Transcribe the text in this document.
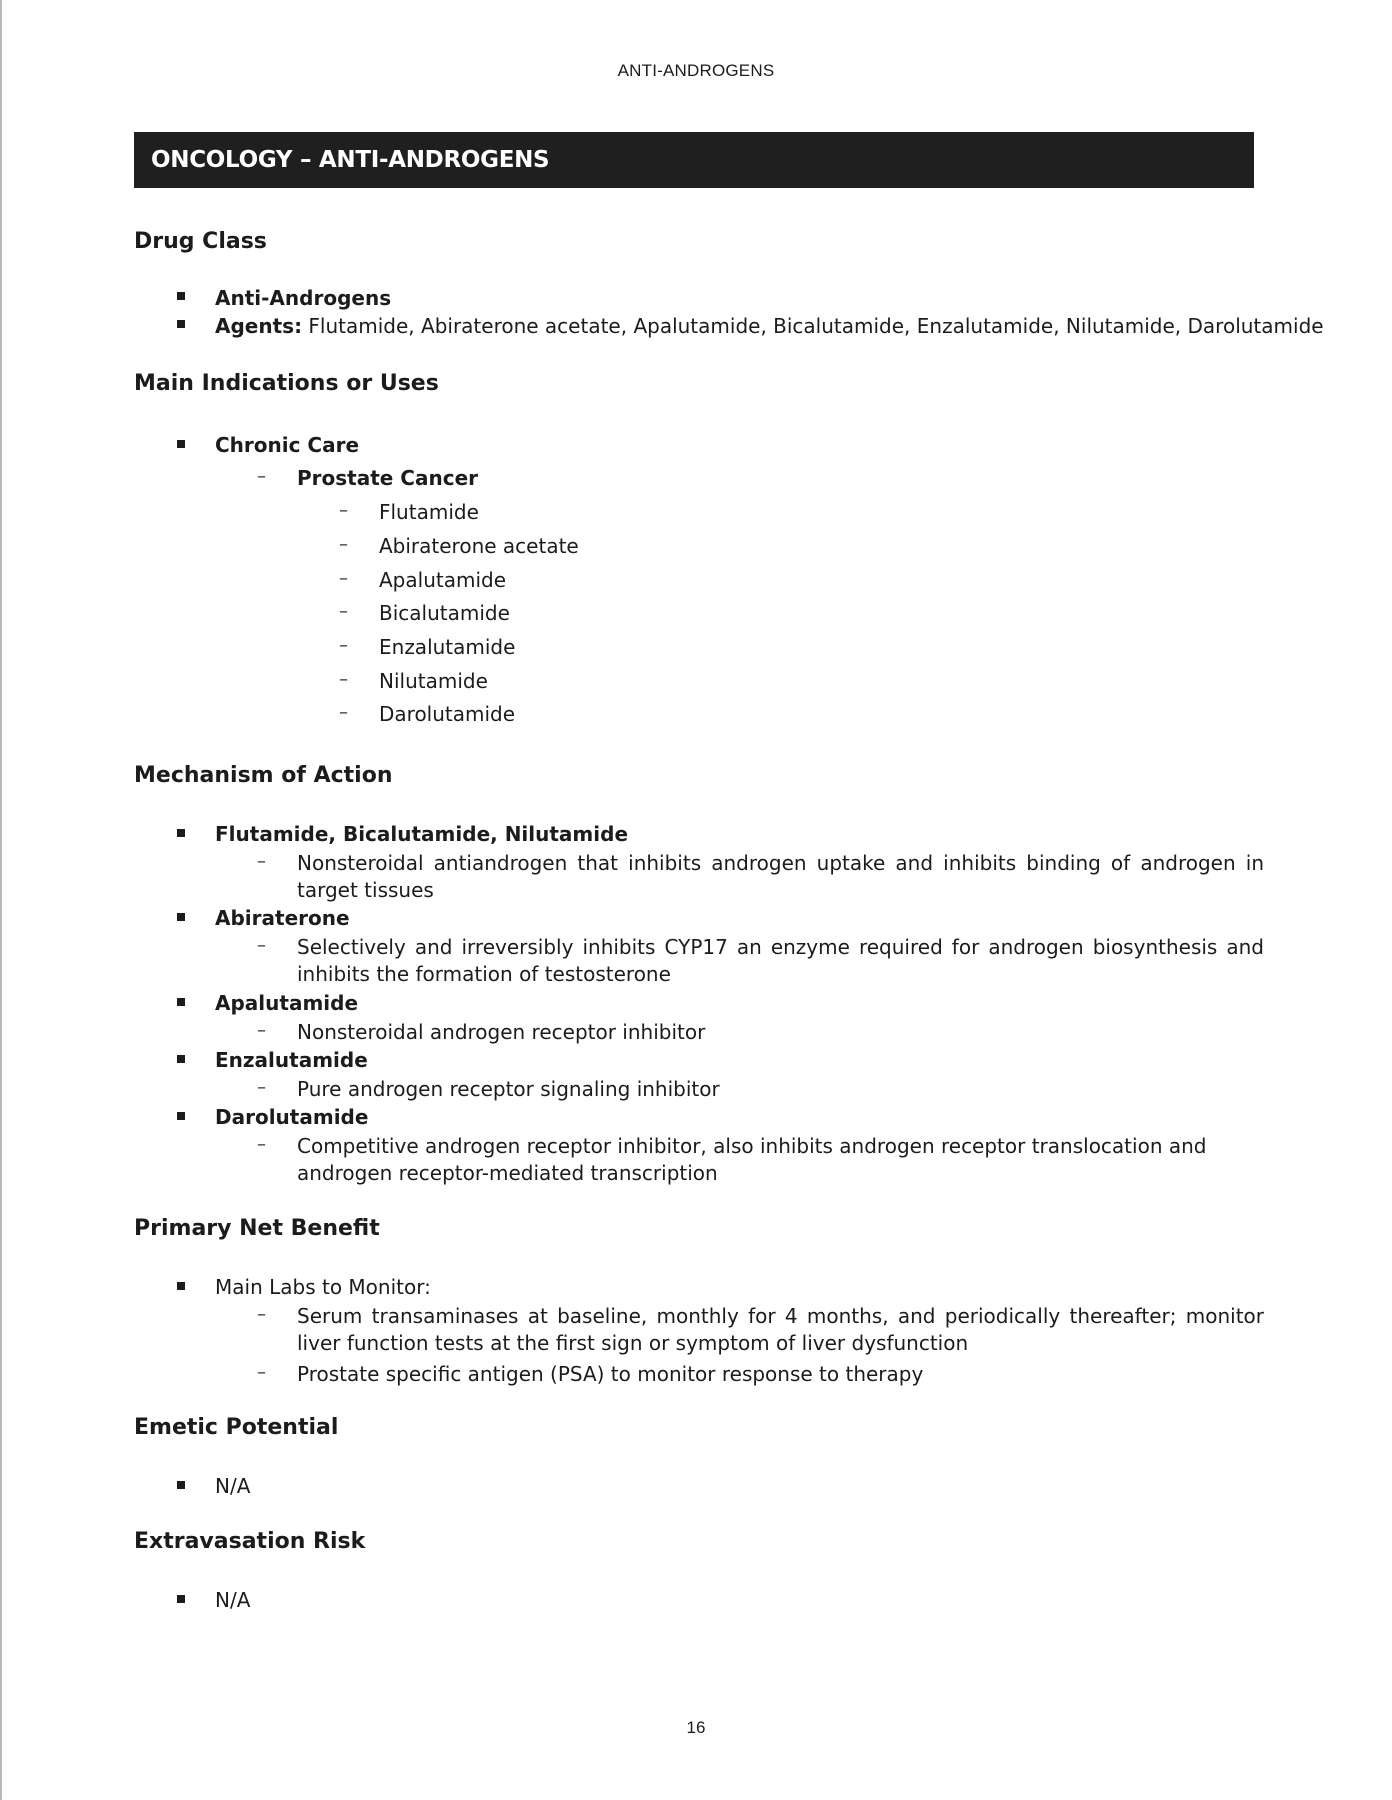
ANTI-ANDROGENS
ONCOLOGY – ANTI-ANDROGENS
Drug Class
Anti-Androgens
Agents: Flutamide, Abiraterone acetate, Apalutamide, Bicalutamide, Enzalutamide, Nilutamide, Darolutamide
Main Indications or Uses
Chronic Care
– Prostate Cancer
– Flutamide
– Abiraterone acetate
– Apalutamide
– Bicalutamide
– Enzalutamide
– Nilutamide
– Darolutamide
Mechanism of Action
Flutamide, Bicalutamide, Nilutamide
– Nonsteroidal antiandrogen that inhibits androgen uptake and inhibits binding of androgen in target tissues
Abiraterone
– Selectively and irreversibly inhibits CYP17 an enzyme required for androgen biosynthesis and inhibits the formation of testosterone
Apalutamide
– Nonsteroidal androgen receptor inhibitor
Enzalutamide
– Pure androgen receptor signaling inhibitor
Darolutamide
– Competitive androgen receptor inhibitor, also inhibits androgen receptor translocation and androgen receptor-mediated transcription
Primary Net Benefit
Main Labs to Monitor:
– Serum transaminases at baseline, monthly for 4 months, and periodically thereafter; monitor liver function tests at the first sign or symptom of liver dysfunction
– Prostate specific antigen (PSA) to monitor response to therapy
Emetic Potential
N/A
Extravasation Risk
N/A
16
